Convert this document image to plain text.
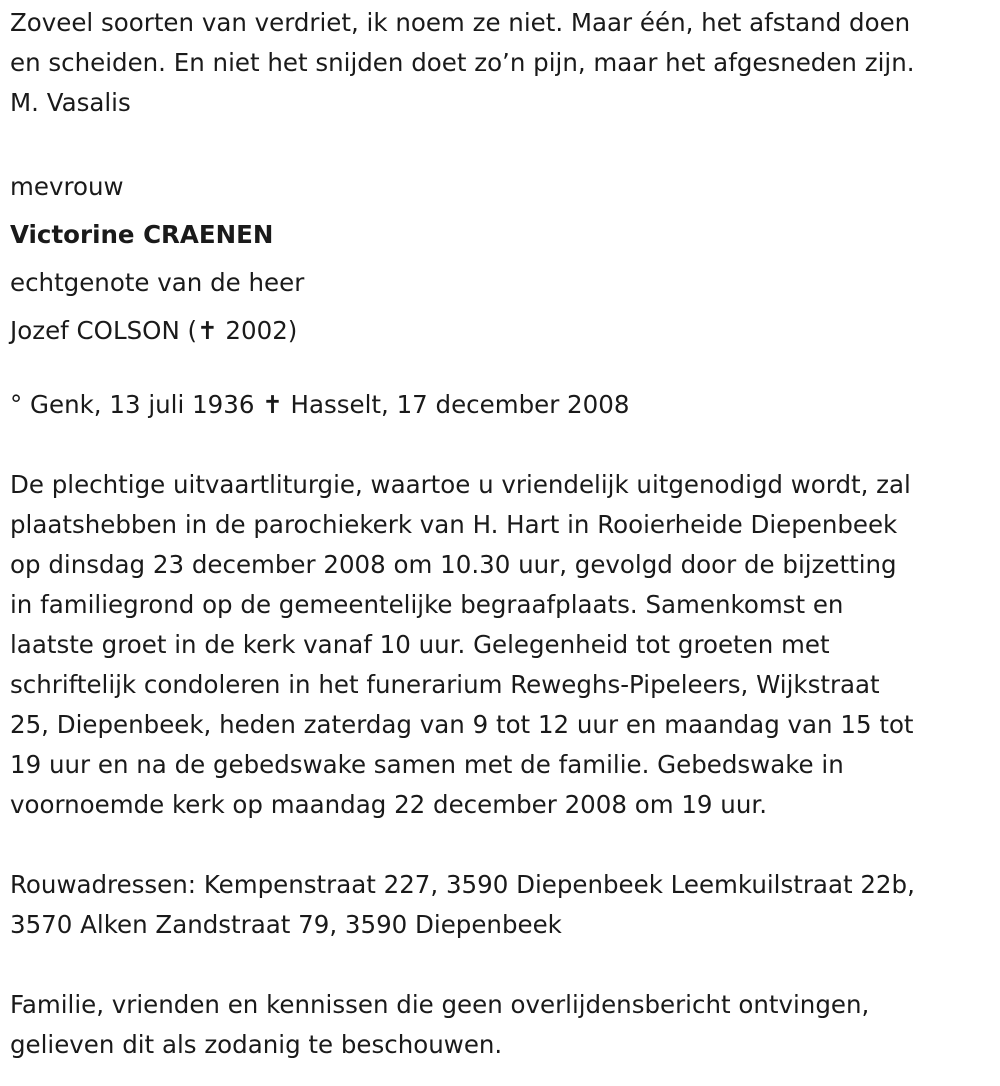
Zoveel soorten van verdriet, ik noem ze niet. Maar één, het afstand doen
en scheiden. En niet het snijden doet zo’n pijn, maar het afgesneden zijn.
M. Vasalis
mevrouw
Victorine CRAENEN
echtgenote van de heer
Jozef COLSON (✝ 2002)
° Genk, 13 juli 1936 ✝ Hasselt, 17 december 2008
De plechtige uitvaartliturgie, waartoe u vriendelijk uitgenodigd wordt, zal
plaatshebben in de parochiekerk van H. Hart in Rooierheide Diepenbeek
op dinsdag 23 december 2008 om 10.30 uur, gevolgd door de bijzetting
in familiegrond op de gemeentelijke begraafplaats. Samenkomst en
laatste groet in de kerk vanaf 10 uur. Gelegenheid tot groeten met
schriftelijk condoleren in het funerarium Reweghs-Pipeleers, Wijkstraat
25, Diepenbeek, heden zaterdag van 9 tot 12 uur en maandag van 15 tot
19 uur en na de gebedswake samen met de familie. Gebedswake in
voornoemde kerk op maandag 22 december 2008 om 19 uur.
Rouwadressen: Kempenstraat 227, 3590 Diepenbeek Leemkuilstraat 22b,
3570 Alken Zandstraat 79, 3590 Diepenbeek
Familie, vrienden en kennissen die geen overlijdensbericht ontvingen,
gelieven dit als zodanig te beschouwen.
